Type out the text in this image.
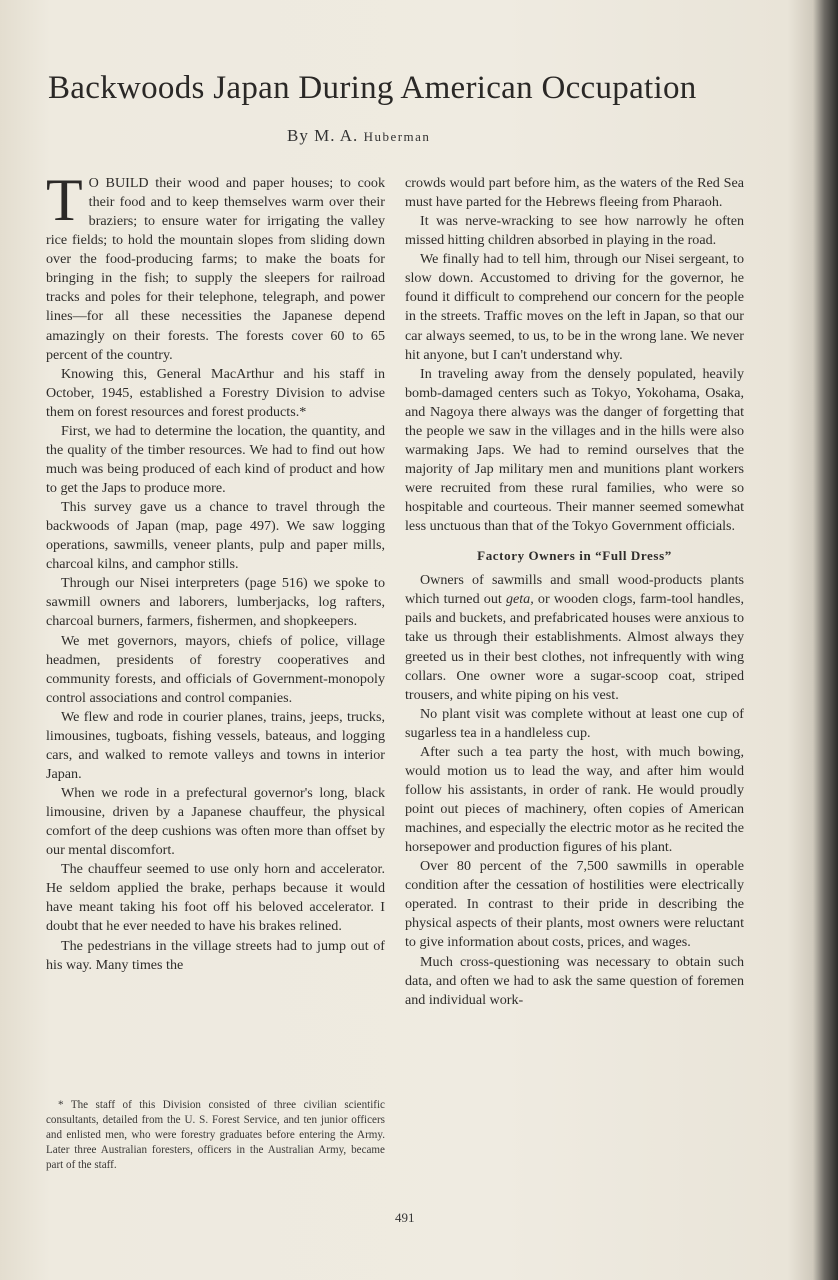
Backwoods Japan During American Occupation
By M. A. Huberman

T O BUILD their wood and paper houses; to cook their food and to keep themselves warm over their braziers; to ensure water for irrigating the valley rice fields; to hold the mountain slopes from sliding down over the food-producing farms; to make the boats for bringing in the fish; to supply the sleepers for railroad tracks and poles for their telephone, telegraph, and power lines—for all these necessities the Japanese depend amazingly on their forests. The forests cover 60 to 65 percent of the country.

Knowing this, General MacArthur and his staff in October, 1945, established a Forestry Division to advise them on forest resources and forest products.*

First, we had to determine the location, the quantity, and the quality of the timber resources. We had to find out how much was being produced of each kind of product and how to get the Japs to produce more.

This survey gave us a chance to travel through the backwoods of Japan (map, page 497). We saw logging operations, sawmills, veneer plants, pulp and paper mills, charcoal kilns, and camphor stills.

Through our Nisei interpreters (page 516) we spoke to sawmill owners and laborers, lumberjacks, log rafters, charcoal burners, farmers, fishermen, and shopkeepers.

We met governors, mayors, chiefs of police, village headmen, presidents of forestry cooperatives and community forests, and officials of Government-monopoly control associations and control companies.

We flew and rode in courier planes, trains, jeeps, trucks, limousines, tugboats, fishing vessels, bateaus, and logging cars, and walked to remote valleys and towns in interior Japan.

When we rode in a prefectural governor's long, black limousine, driven by a Japanese chauffeur, the physical comfort of the deep cushions was often more than offset by our mental discomfort.

The chauffeur seemed to use only horn and accelerator. He seldom applied the brake, perhaps because it would have meant taking his foot off his beloved accelerator. I doubt that he ever needed to have his brakes relined.

The pedestrians in the village streets had to jump out of his way. Many times the

* The staff of this Division consisted of three civilian scientific consultants, detailed from the U. S. Forest Service, and ten junior officers and enlisted men, who were forestry graduates before entering the Army. Later three Australian foresters, officers in the Australian Army, became part of the staff.

crowds would part before him, as the waters of the Red Sea must have parted for the Hebrews fleeing from Pharaoh.

It was nerve-wracking to see how narrowly he often missed hitting children absorbed in playing in the road.

We finally had to tell him, through our Nisei sergeant, to slow down. Accustomed to driving for the governor, he found it difficult to comprehend our concern for the people in the streets. Traffic moves on the left in Japan, so that our car always seemed, to us, to be in the wrong lane. We never hit anyone, but I can't understand why.

In traveling away from the densely populated, heavily bomb-damaged centers such as Tokyo, Yokohama, Osaka, and Nagoya there always was the danger of forgetting that the people we saw in the villages and in the hills were also warmaking Japs. We had to remind ourselves that the majority of Jap military men and munitions plant workers were recruited from these rural families, who were so hospitable and courteous. Their manner seemed somewhat less unctuous than that of the Tokyo Government officials.

Factory Owners in “Full Dress”

Owners of sawmills and small wood-products plants which turned out geta, or wooden clogs, farm-tool handles, pails and buckets, and prefabricated houses were anxious to take us through their establishments. Almost always they greeted us in their best clothes, not infrequently with wing collars. One owner wore a sugar-scoop coat, striped trousers, and white piping on his vest.

No plant visit was complete without at least one cup of sugarless tea in a handleless cup.

After such a tea party the host, with much bowing, would motion us to lead the way, and after him would follow his assistants, in order of rank. He would proudly point out pieces of machinery, often copies of American machines, and especially the electric motor as he recited the horsepower and production figures of his plant.

Over 80 percent of the 7,500 sawmills in operable condition after the cessation of hostilities were electrically operated. In contrast to their pride in describing the physical aspects of their plants, most owners were reluctant to give information about costs, prices, and wages.

Much cross-questioning was necessary to obtain such data, and often we had to ask the same question of foremen and individual work-

491
